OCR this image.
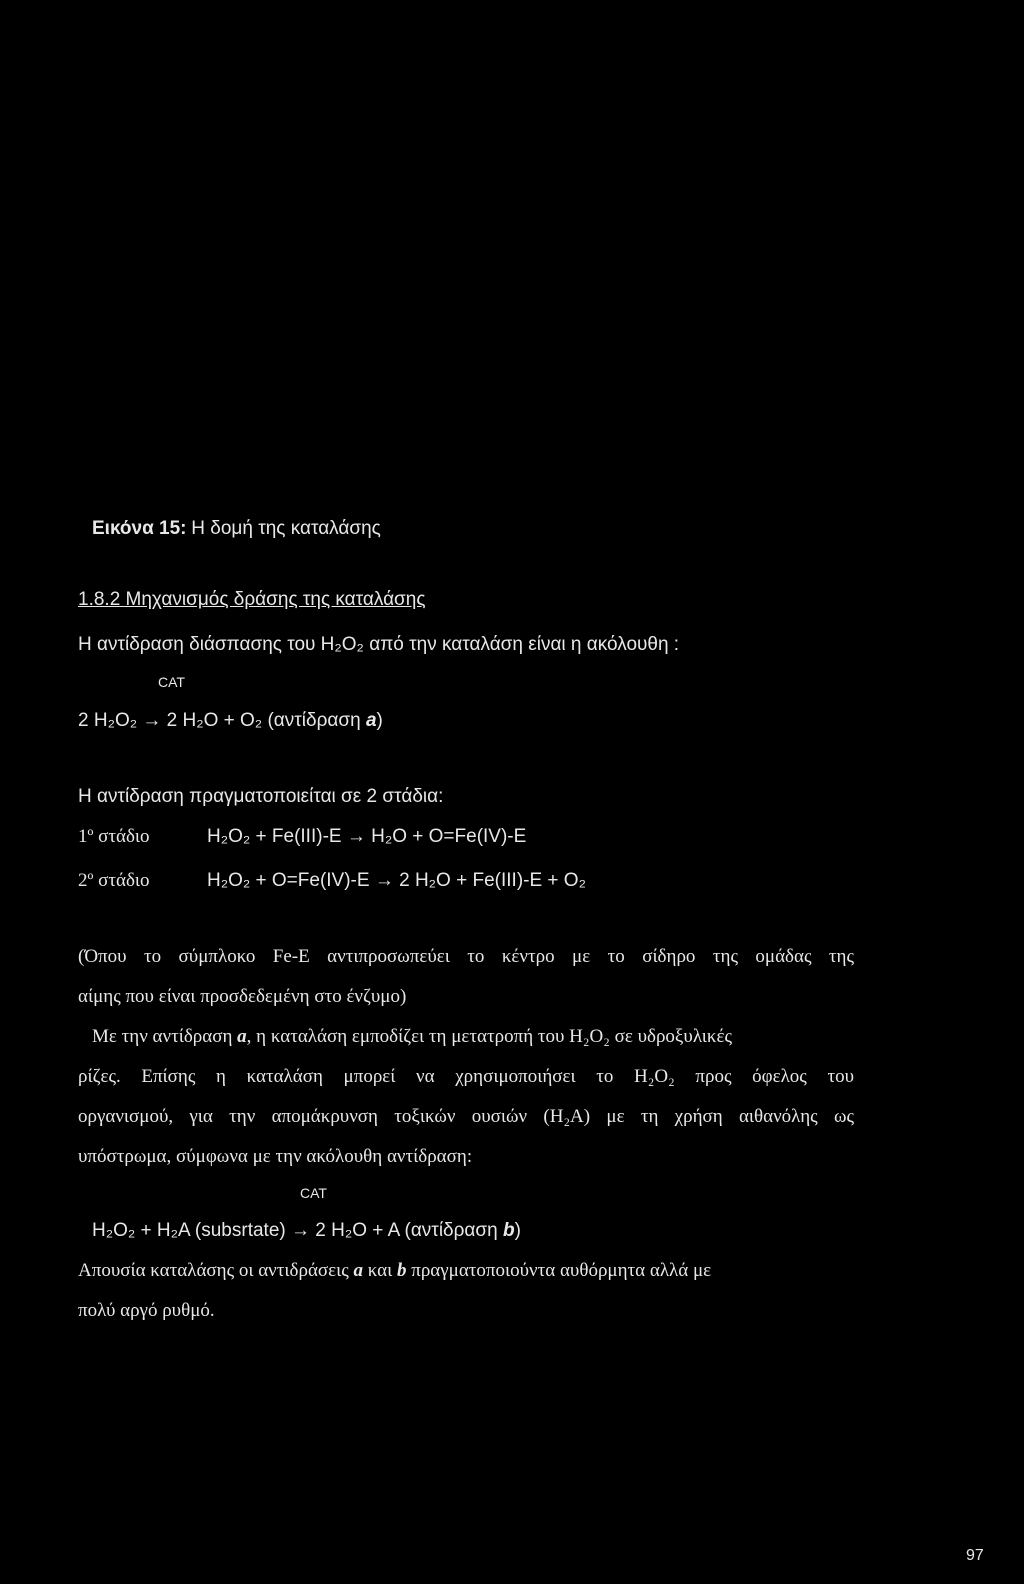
Εικόνα 15: Η δομή της καταλάσης
1.8.2 Μηχανισμός δράσης της καταλάσης
Η αντίδραση διάσπασης του H₂O₂ από την καταλάση είναι η ακόλουθη :
CAT
2 H₂O₂ → 2 H₂O + O₂ (αντίδραση a)
Η αντίδραση πραγματοποιείται σε 2 στάδια:
1º στάδιο	H₂O₂ + Fe(III)-E → H₂O + O=Fe(IV)-E
2º στάδιο	H₂O₂ + O=Fe(IV)-E → 2 H₂O + Fe(III)-E + O₂
(Όπου το σύμπλοκο Fe-E αντιπροσωπεύει το κέντρο με το σίδηρο της ομάδας της
αίμης που είναι προσδεδεμένη στο ένζυμο)
Με την αντίδραση a, η καταλάση εμποδίζει τη μετατροπή του H₂O₂ σε υδροξυλικές
ρίζες. Επίσης η καταλάση μπορεί να χρησιμοποιήσει το H₂O₂ προς όφελος του
οργανισμού, για την απομάκρυνση τοξικών ουσιών (H₂A) με τη χρήση αιθανόλης ως
υπόστρωμα, σύμφωνα με την ακόλουθη αντίδραση:
CAT
H₂O₂ + H₂A (subsrtate) → 2 H₂O + A (αντίδραση b)
Απουσία καταλάσης οι αντιδράσεις a και b πραγματοποιούντα αυθόρμητα αλλά με
πολύ αργό ρυθμό.
97
